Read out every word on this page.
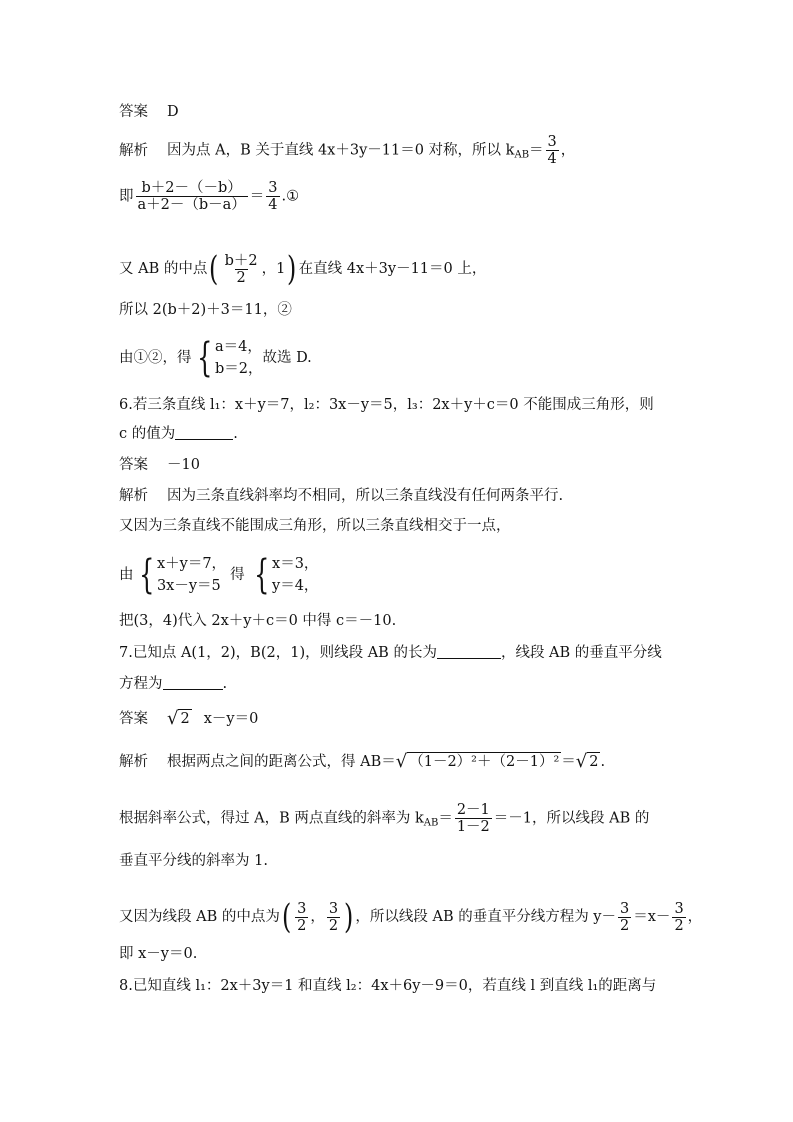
答案 D
解析 因为点 A，B 关于直线 4x＋3y－11＝0 对称，所以 $k_{AB}= \frac{3}{4}$ ，
即 $\frac{b+2-(-b)}{a+2-(b-a)} = \frac{3}{4}$ .①
又 AB 的中点( $\frac{b+2}{2}$ ，1) 在直线 4x＋3y－11＝0 上，
所以 2(b＋2)＋3＝11，②
由①②，得 { a＝4，
b＝2，
故选 D.
6.若三条直线 l₁：x＋y＝7，l₂：3x－y＝5，l₃：2x＋y＋c＝0 不能围成三角形，则
c 的值为	.
答案 －10
解析 因为三条直线斜率均不相同，所以三条直线没有任何两条平行.
又因为三条直线不能围成三角形，所以三条直线相交于一点，
由 { x＋y＝7，
3x－y＝5
得 { x＝3，
y＝4，
把(3，4)代入 2x＋y＋c＝0 中得 c＝－10.
7.已知点 A(1，2)，B(2，1)，则线段 AB 的长为	，线段 AB 的垂直平分线
方程为	.
答案 √ 2 x－y＝0
解析 根据两点之间的距离公式，得 AB＝ √ （1－2）²＋（2－1）² ＝ √ 2 .
根据斜率公式，得过 A，B 两点直线的斜率为 $k_{AB}= \frac{2-1}{1-2} =-1$，所以线段 AB 的
垂直平分线的斜率为 1.
又因为线段 AB 的中点为( $\frac{3}{2}$ ， $\frac{3}{2}$ ) ，所以线段 AB 的垂直平分线方程为 $y- \frac{3}{2} =x- \frac{3}{2}$ ，
即 x－y＝0.
8.已知直线 l₁：2x＋3y＝1 和直线 l₂：4x＋6y－9＝0，若直线 l 到直线 l₁的距离与
